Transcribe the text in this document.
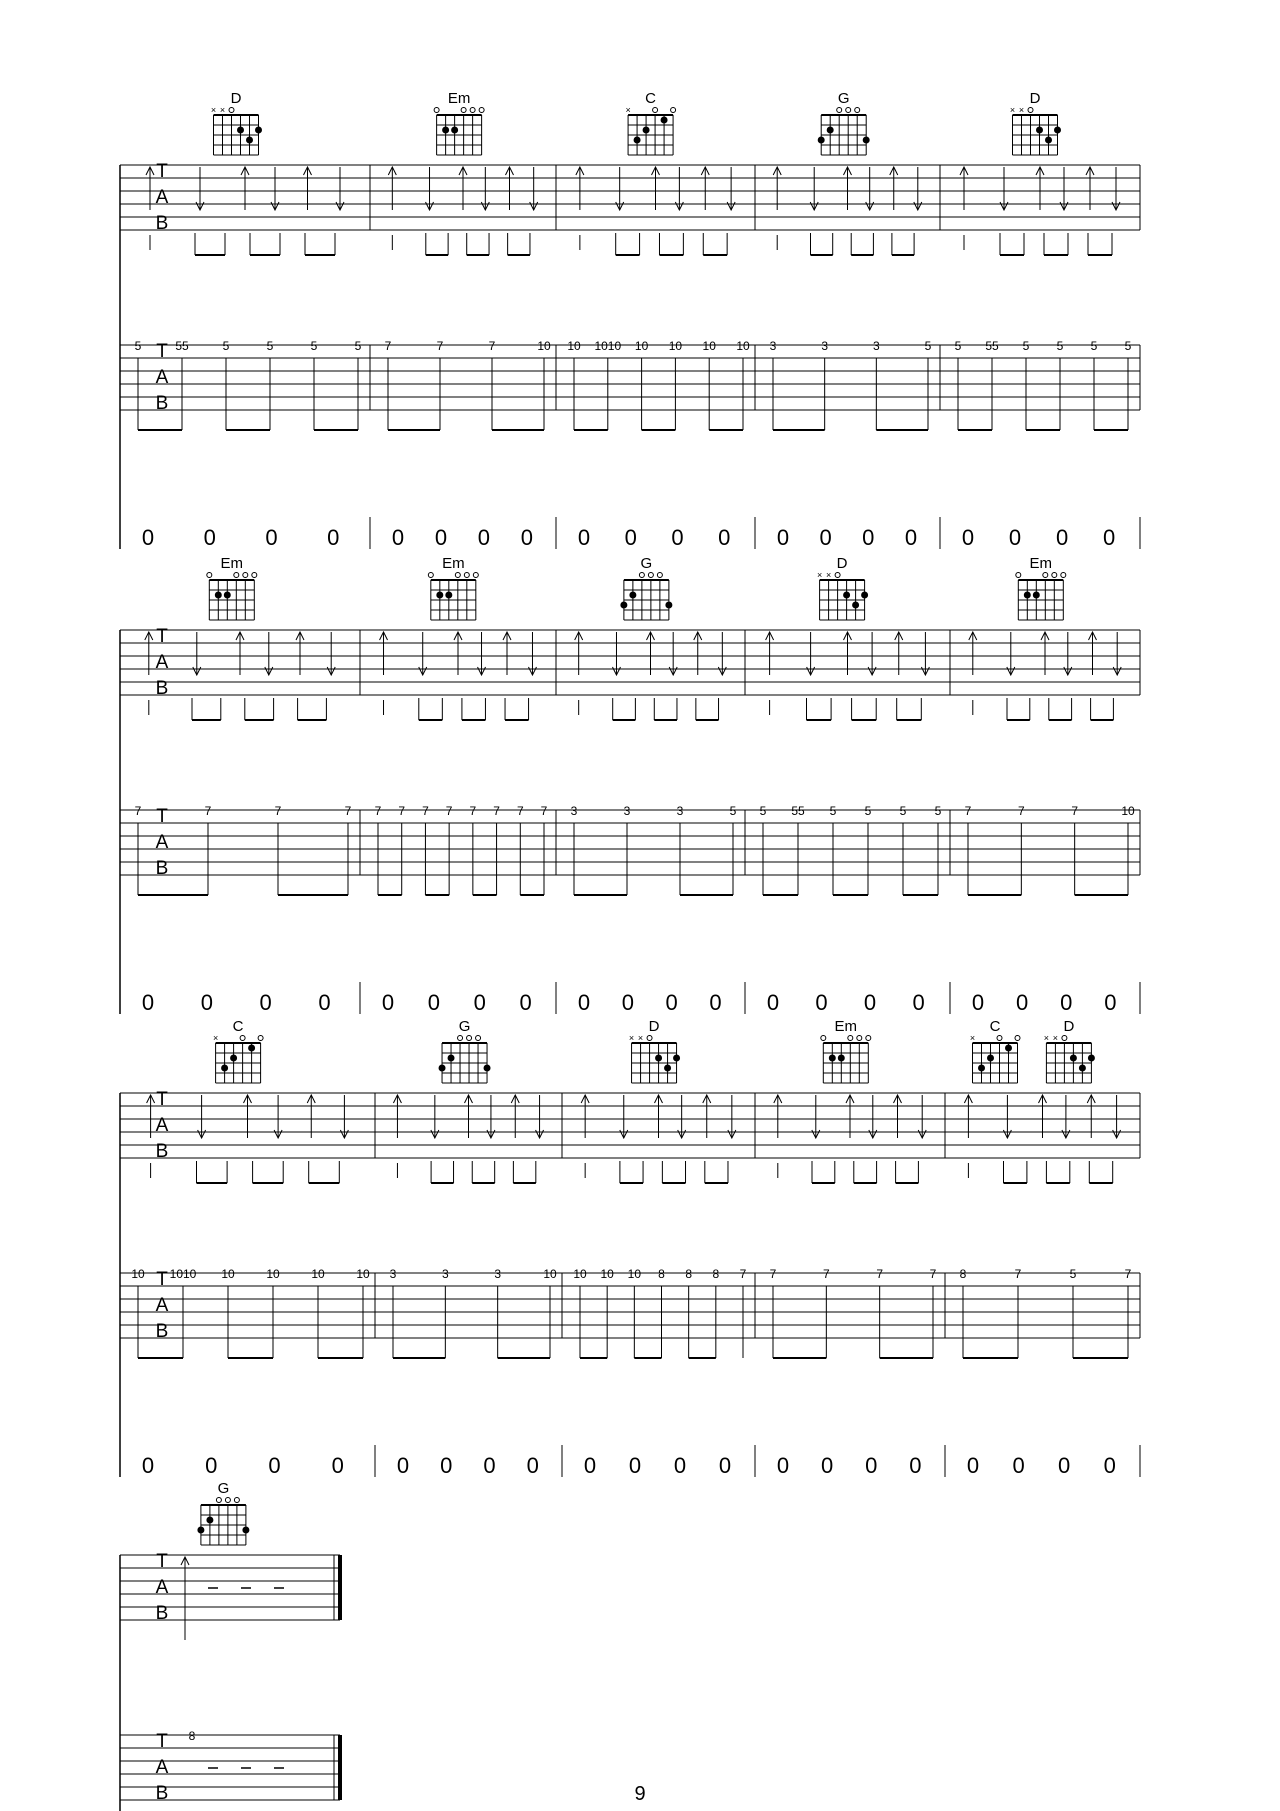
T
A
B
T
A
B
D
× ×
5	55	5	5	5	5
0 0 0 0
Em
7	7	7	10
0 0 0 0
C
×
10 1010 10 10 10 10
0 0 0 0
G
3	3	3	5
0 0 0 0
D
× ×
5 55 5 5 5 5
0 0 0 0
T
A
B
T
A
B
Em
7	7	7	7
0 0 0 0
Em
7 7 7 7 7 7 7 7
0 0 0 0
G
3	3	3	5
0 0 0 0
D
× ×
5 55 5 5 5 5
0 0 0 0
Em
7	7	7	10
0 0 0 0
T
A
B
T
A
B
C
×
10 1010 10	10	10	10
0 0 0 0
G
3	3	3	10
0 0 0 0
D
× ×
10 10 10 8 8 8 7
0 0 0 0
Em
7	7	7	7
0 0 0 0
C
×
D
× ×
8	7	5	7
0 0 0 0
T
A
B
T
A
B
G
8
9
